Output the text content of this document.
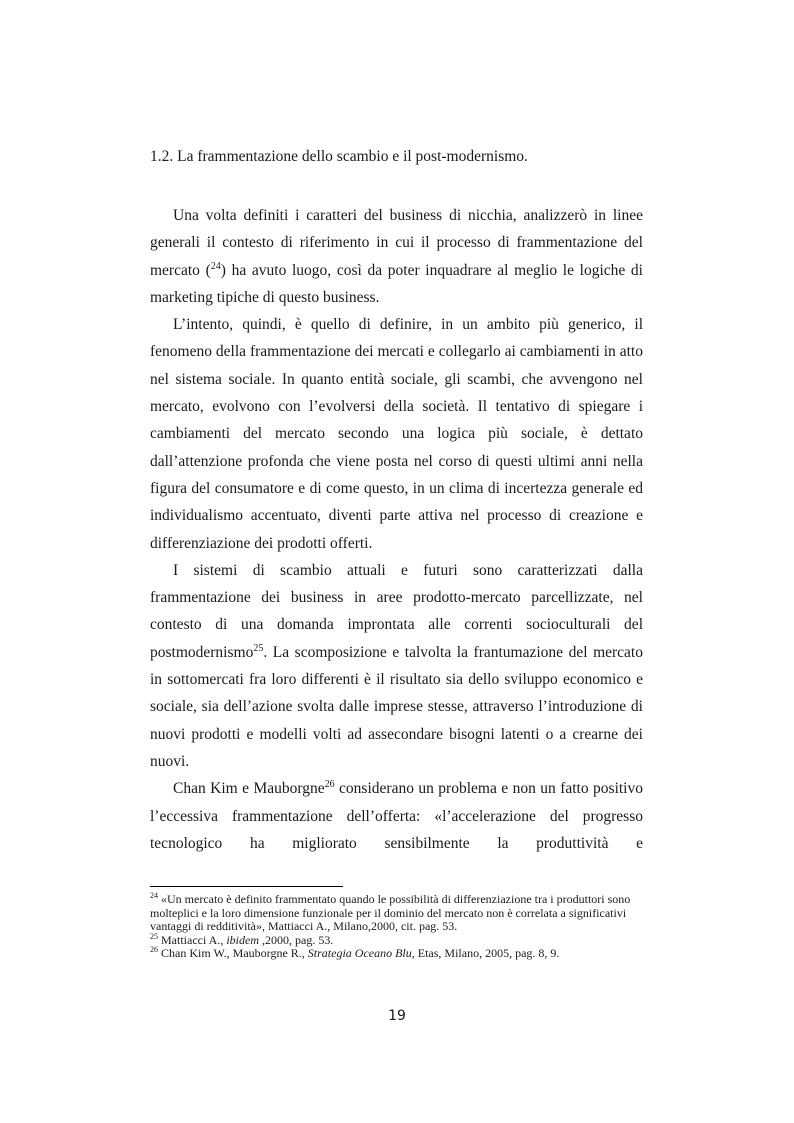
1.2. La frammentazione dello scambio e il post-modernismo.

Una volta definiti i caratteri del business di nicchia, analizzerò in linee generali il contesto di riferimento in cui il processo di frammentazione del mercato ($^{24}$) ha avuto luogo, così da poter inquadrare al meglio le logiche di marketing tipiche di questo business.

L’intento, quindi, è quello di definire, in un ambito più generico, il fenomeno della frammentazione dei mercati e collegarlo ai cambiamenti in atto nel sistema sociale. In quanto entità sociale, gli scambi, che avvengono nel mercato, evolvono con l’evolversi della società. Il tentativo di spiegare i cambiamenti del mercato secondo una logica più sociale, è dettato dall’attenzione profonda che viene posta nel corso di questi ultimi anni nella figura del consumatore e di come questo, in un clima di incertezza generale ed individualismo accentuato, diventi parte attiva nel processo di creazione e differenziazione dei prodotti offerti.

I sistemi di scambio attuali e futuri sono caratterizzati dalla frammentazione dei business in aree prodotto-mercato parcellizzate, nel contesto di una domanda improntata alle correnti socioculturali del postmodernismo$^{25}$. La scomposizione e talvolta la frantumazione del mercato in sottomercati fra loro differenti è il risultato sia dello sviluppo economico e sociale, sia dell’azione svolta dalle imprese stesse, attraverso l’introduzione di nuovi prodotti e modelli volti ad assecondare bisogni latenti o a crearne dei nuovi.

Chan Kim e Mauborgne$^{26}$ considerano un problema e non un fatto positivo l’eccessiva frammentazione dell’offerta: «l’accelerazione del progresso tecnologico ha migliorato sensibilmente la produttività e

$^{24}$ «Un mercato è definito frammentato quando le possibilità di differenziazione tra i produttori sono molteplici e la loro dimensione funzionale per il dominio del mercato non è correlata a significativi vantaggi di redditività», Mattiacci A., Milano,2000, cit. pag. 53.

$^{25}$ Mattiacci A., ibidem ,2000, pag. 53.

$^{26}$ Chan Kim W., Mauborgne R., Strategia Oceano Blu, Etas, Milano, 2005, pag. 8, 9.

19
